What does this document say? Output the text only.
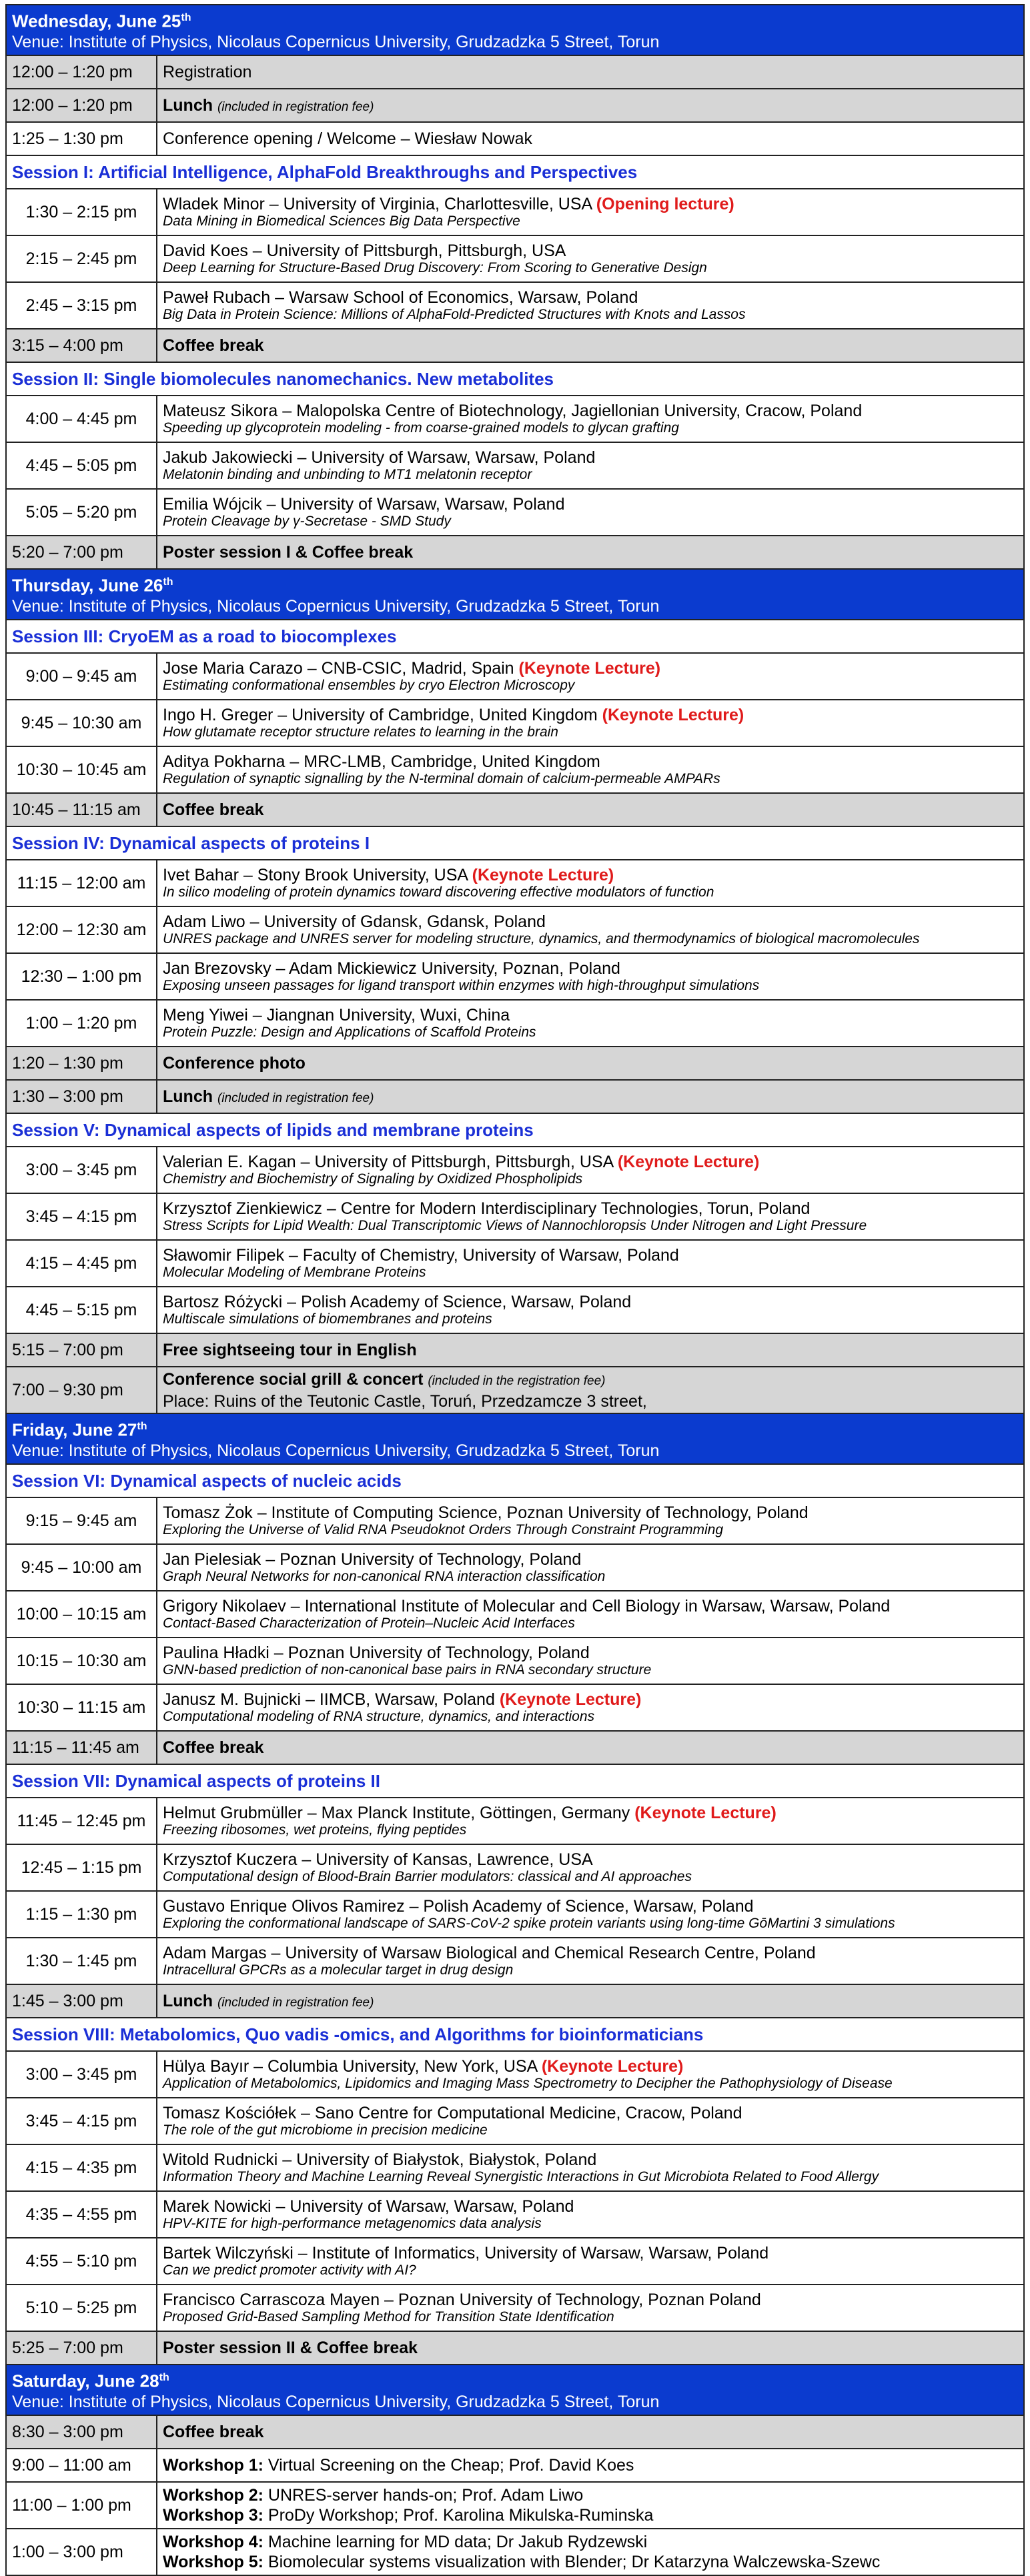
Wednesday, June 25th
Venue: Institute of Physics, Nicolaus Copernicus University, Grudzadzka 5 Street, Torun	

12:00 – 1:20 pm	Registration
12:00 – 1:20 pm	Lunch (included in registration fee)
1:25 – 1:30 pm	Conference opening / Welcome – Wiesław Nowak
Session I: Artificial Intelligence, AlphaFold Breakthroughs and Perspectives	
1:30 – 2:15 pm	Wladek Minor – University of Virginia, Charlottesville, USA (Opening lecture)
Data Mining in Biomedical Sciences Big Data Perspective

2:15 – 2:45 pm	David Koes – University of Pittsburgh, Pittsburgh, USA
Deep Learning for Structure-Based Drug Discovery: From Scoring to Generative Design

2:45 – 3:15 pm	Paweł Rubach – Warsaw School of Economics, Warsaw, Poland
Big Data in Protein Science: Millions of AlphaFold-Predicted Structures with Knots and Lassos

3:15 – 4:00 pm	Coffee break
Session II: Single biomolecules nanomechanics. New metabolites	
4:00 – 4:45 pm	Mateusz Sikora – Malopolska Centre of Biotechnology, Jagiellonian University, Cracow, Poland
Speeding up glycoprotein modeling - from coarse-grained models to glycan grafting

4:45 – 5:05 pm	Jakub Jakowiecki – University of Warsaw, Warsaw, Poland
Melatonin binding and unbinding to MT1 melatonin receptor

5:05 – 5:20 pm	Emilia Wójcik – University of Warsaw, Warsaw, Poland
Protein Cleavage by γ-Secretase - SMD Study

5:20 – 7:00 pm	Poster session I & Coffee break

Thursday, June 26th
Venue: Institute of Physics, Nicolaus Copernicus University, Grudzadzka 5 Street, Torun	

Session III: CryoEM as a road to biocomplexes	
9:00 – 9:45 am	Jose Maria Carazo – CNB-CSIC, Madrid, Spain (Keynote Lecture)
Estimating conformational ensembles by cryo Electron Microscopy

9:45 – 10:30 am	Ingo H. Greger – University of Cambridge, United Kingdom (Keynote Lecture)
How glutamate receptor structure relates to learning in the brain

10:30 – 10:45 am	Aditya Pokharna – MRC-LMB, Cambridge, United Kingdom
Regulation of synaptic signalling by the N-terminal domain of calcium-permeable AMPARs

10:45 – 11:15 am	Coffee break
Session IV: Dynamical aspects of proteins I	
11:15 – 12:00 am	Ivet Bahar – Stony Brook University, USA (Keynote Lecture)
In silico modeling of protein dynamics toward discovering effective modulators of function

12:00 – 12:30 am	Adam Liwo – University of Gdansk, Gdansk, Poland
UNRES package and UNRES server for modeling structure, dynamics, and thermodynamics of biological macromolecules

12:30 – 1:00 pm	Jan Brezovsky – Adam Mickiewicz University, Poznan, Poland
Exposing unseen passages for ligand transport within enzymes with high-throughput simulations

1:00 – 1:20 pm	Meng Yiwei – Jiangnan University, Wuxi, China
Protein Puzzle: Design and Applications of Scaffold Proteins

1:20 – 1:30 pm	Conference photo
1:30 – 3:00 pm	Lunch (included in registration fee)
Session V: Dynamical aspects of lipids and membrane proteins	
3:00 – 3:45 pm	Valerian E. Kagan – University of Pittsburgh, Pittsburgh, USA (Keynote Lecture)
Chemistry and Biochemistry of Signaling by Oxidized Phospholipids

3:45 – 4:15 pm	Krzysztof Zienkiewicz – Centre for Modern Interdisciplinary Technologies, Torun, Poland
Stress Scripts for Lipid Wealth: Dual Transcriptomic Views of Nannochloropsis Under Nitrogen and Light Pressure

4:15 – 4:45 pm	Sławomir Filipek – Faculty of Chemistry, University of Warsaw, Poland
Molecular Modeling of Membrane Proteins

4:45 – 5:15 pm	Bartosz Różycki – Polish Academy of Science, Warsaw, Poland
Multiscale simulations of biomembranes and proteins

5:15 – 7:00 pm	Free sightseeing tour in English
7:00 – 9:30 pm	Conference social grill & concert (included in the registration fee)
Place: Ruins of the Teutonic Castle, Toruń, Przedzamcze 3 street,

Friday, June 27th
Venue: Institute of Physics, Nicolaus Copernicus University, Grudzadzka 5 Street, Torun	

Session VI: Dynamical aspects of nucleic acids	
9:15 – 9:45 am	Tomasz Żok – Institute of Computing Science, Poznan University of Technology, Poland
Exploring the Universe of Valid RNA Pseudoknot Orders Through Constraint Programming

9:45 – 10:00 am	Jan Pielesiak – Poznan University of Technology, Poland
Graph Neural Networks for non-canonical RNA interaction classification

10:00 – 10:15 am	Grigory Nikolaev – International Institute of Molecular and Cell Biology in Warsaw, Warsaw, Poland
Contact-Based Characterization of Protein–Nucleic Acid Interfaces

10:15 – 10:30 am	Paulina Hładki – Poznan University of Technology, Poland
GNN-based prediction of non-canonical base pairs in RNA secondary structure

10:30 – 11:15 am	Janusz M. Bujnicki – IIMCB, Warsaw, Poland (Keynote Lecture)
Computational modeling of RNA structure, dynamics, and interactions

11:15 – 11:45 am	Coffee break
Session VII: Dynamical aspects of proteins II	
11:45 – 12:45 pm	Helmut Grubmüller – Max Planck Institute, Göttingen, Germany (Keynote Lecture)
Freezing ribosomes, wet proteins, flying peptides

12:45 – 1:15 pm	Krzysztof Kuczera – University of Kansas, Lawrence, USA
Computational design of Blood-Brain Barrier modulators: classical and AI approaches

1:15 – 1:30 pm	Gustavo Enrique Olivos Ramirez – Polish Academy of Science, Warsaw, Poland
Exploring the conformational landscape of SARS-CoV-2 spike protein variants using long-time GōMartini 3 simulations

1:30 – 1:45 pm	Adam Margas – University of Warsaw Biological and Chemical Research Centre, Poland
Intracellural GPCRs as a molecular target in drug design

1:45 – 3:00 pm	Lunch (included in registration fee)
Session VIII: Metabolomics, Quo vadis -omics, and Algorithms for bioinformaticians	
3:00 – 3:45 pm	Hülya Bayır – Columbia University, New York, USA (Keynote Lecture)
Application of Metabolomics, Lipidomics and Imaging Mass Spectrometry to Decipher the Pathophysiology of Disease

3:45 – 4:15 pm	Tomasz Kościółek – Sano Centre for Computational Medicine, Cracow, Poland
The role of the gut microbiome in precision medicine

4:15 – 4:35 pm	Witold Rudnicki – University of Białystok, Białystok, Poland
Information Theory and Machine Learning Reveal Synergistic Interactions in Gut Microbiota Related to Food Allergy

4:35 – 4:55 pm	Marek Nowicki – University of Warsaw, Warsaw, Poland
HPV-KITE for high-performance metagenomics data analysis

4:55 – 5:10 pm	Bartek Wilczyński – Institute of Informatics, University of Warsaw, Warsaw, Poland
Can we predict promoter activity with AI?

5:10 – 5:25 pm	Francisco Carrascoza Mayen – Poznan University of Technology, Poznan Poland
Proposed Grid-Based Sampling Method for Transition State Identification

5:25 – 7:00 pm	Poster session II & Coffee break

Saturday, June 28th
Venue: Institute of Physics, Nicolaus Copernicus University, Grudzadzka 5 Street, Torun	

8:30 – 3:00 pm	Coffee break
9:00 – 11:00 am	Workshop 1: Virtual Screening on the Cheap; Prof. David Koes

11:00 – 1:00 pm	Workshop 2: UNRES-server hands-on; Prof. Adam Liwo
Workshop 3: ProDy Workshop; Prof. Karolina Mikulska-Ruminska

1:00 – 3:00 pm	Workshop 4: Machine learning for MD data; Dr Jakub Rydzewski
Workshop 5: Biomolecular systems visualization with Blender; Dr Katarzyna Walczewska-Szewc
